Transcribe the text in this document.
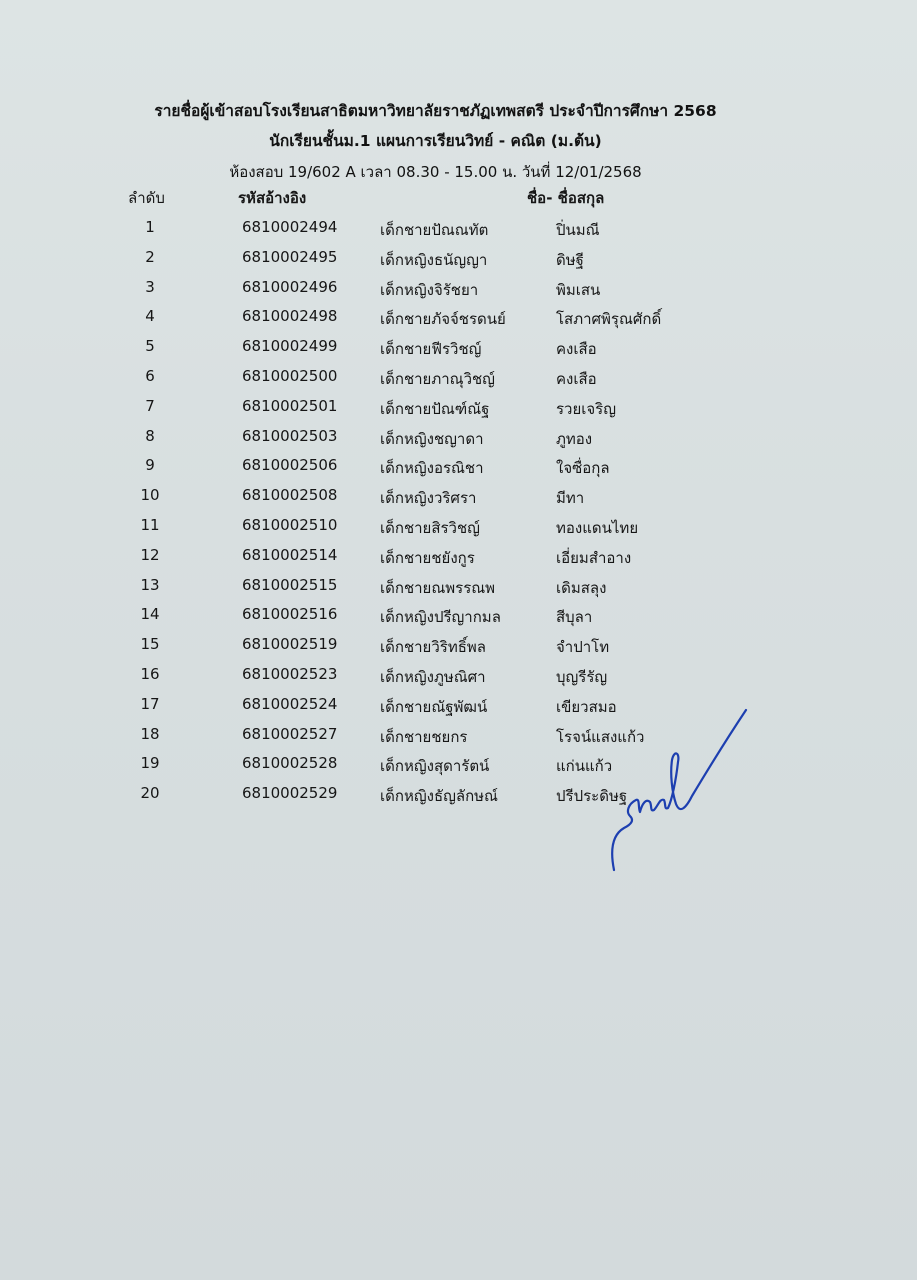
รายชื่อผู้เข้าสอบโรงเรียนสาธิตมหาวิทยาลัยราชภัฏเทพสตรี ประจำปีการศึกษา 2568
นักเรียนชั้นม.1 แผนการเรียนวิทย์ - คณิต (ม.ต้น)
ห้องสอบ 19/602 A เวลา 08.30 - 15.00 น. วันที่ 12/01/2568
ลำดับ	รหัสอ้างอิง	ชื่อ- ชื่อสกุล
1	6810002494	เด็กชายปัณณทัต	ปิ่นมณี
2	6810002495	เด็กหญิงธนัญญา	ดิษฐี
3	6810002496	เด็กหญิงจิรัชยา	พิมเสน
4	6810002498	เด็กชายภัจจ์ชรดนย์	โสภาศพิรุณศักดิ์
5	6810002499	เด็กชายฟีรวิชญ์	คงเสือ
6	6810002500	เด็กชายภาณุวิชญ์	คงเสือ
7	6810002501	เด็กชายปัณฑ์ณัฐ	รวยเจริญ
8	6810002503	เด็กหญิงชญาดา	ภูทอง
9	6810002506	เด็กหญิงอรณิชา	ใจซื่อกุล
10	6810002508	เด็กหญิงวริศรา	มีทา
11	6810002510	เด็กชายสิรวิชญ์	ทองแดนไทย
12	6810002514	เด็กชายชยังกูร	เอี่ยมสำอาง
13	6810002515	เด็กชายณพรรณพ	เดิมสลุง
14	6810002516	เด็กหญิงปรีญากมล	สีบุลา
15	6810002519	เด็กชายวิริทธิ์พล	จำปาโท
16	6810002523	เด็กหญิงภูษณิศา	บุญรีรัญ
17	6810002524	เด็กชายณัฐพัฒน์	เขียวสมอ
18	6810002527	เด็กชายชยกร	โรจน์แสงแก้ว
19	6810002528	เด็กหญิงสุดารัตน์	แก่นแก้ว
20	6810002529	เด็กหญิงธัญลักษณ์	ปรีประดิษฐ
